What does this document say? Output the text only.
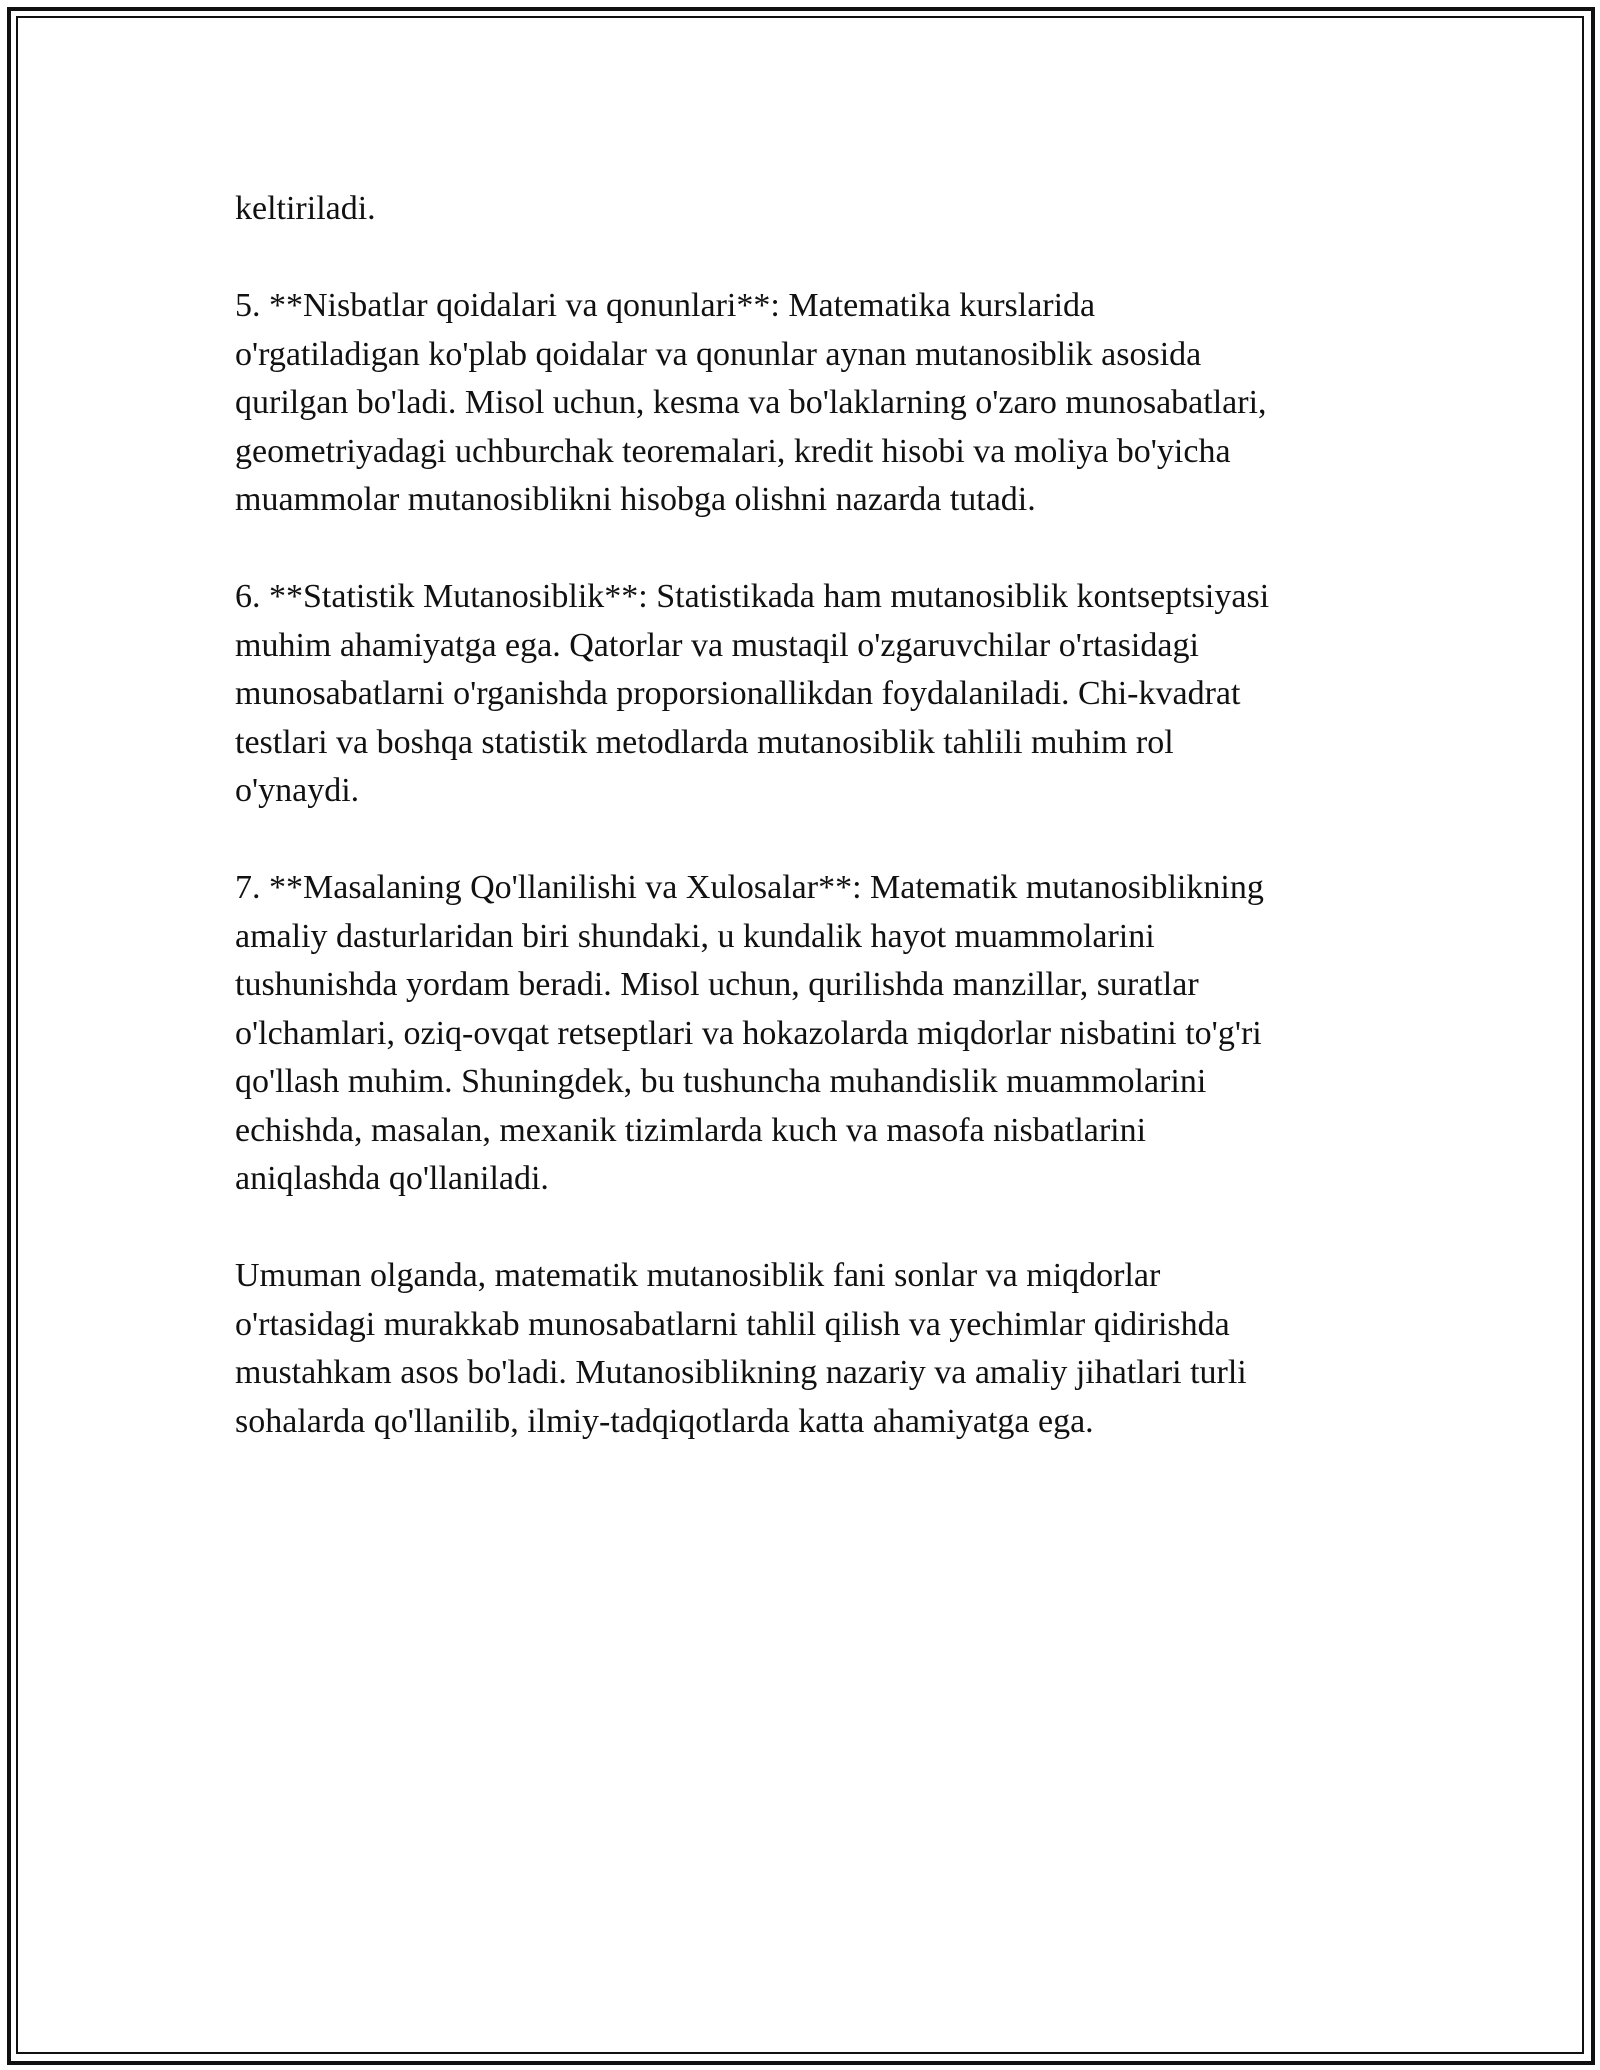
keltiriladi.

5. **Nisbatlar qoidalari va qonunlari**: Matematika kurslarida
o'rgatiladigan ko'plab qoidalar va qonunlar aynan mutanosiblik asosida
qurilgan bo'ladi. Misol uchun, kesma va bo'laklarning o'zaro munosabatlari,
geometriyadagi uchburchak teoremalari, kredit hisobi va moliya bo'yicha
muammolar mutanosiblikni hisobga olishni nazarda tutadi.

6. **Statistik Mutanosiblik**: Statistikada ham mutanosiblik kontseptsiyasi
muhim ahamiyatga ega. Qatorlar va mustaqil o'zgaruvchilar o'rtasidagi
munosabatlarni o'rganishda proporsionallikdan foydalaniladi. Chi-kvadrat
testlari va boshqa statistik metodlarda mutanosiblik tahlili muhim rol
o'ynaydi.

7. **Masalaning Qo'llanilishi va Xulosalar**: Matematik mutanosiblikning
amaliy dasturlaridan biri shundaki, u kundalik hayot muammolarini
tushunishda yordam beradi. Misol uchun, qurilishda manzillar, suratlar
o'lchamlari, oziq-ovqat retseptlari va hokazolarda miqdorlar nisbatini to'g'ri
qo'llash muhim. Shuningdek, bu tushuncha muhandislik muammolarini
echishda, masalan, mexanik tizimlarda kuch va masofa nisbatlarini
aniqlashda qo'llaniladi.

Umuman olganda, matematik mutanosiblik fani sonlar va miqdorlar
o'rtasidagi murakkab munosabatlarni tahlil qilish va yechimlar qidirishda
mustahkam asos bo'ladi. Mutanosiblikning nazariy va amaliy jihatlari turli
sohalarda qo'llanilib, ilmiy-tadqiqotlarda katta ahamiyatga ega.
